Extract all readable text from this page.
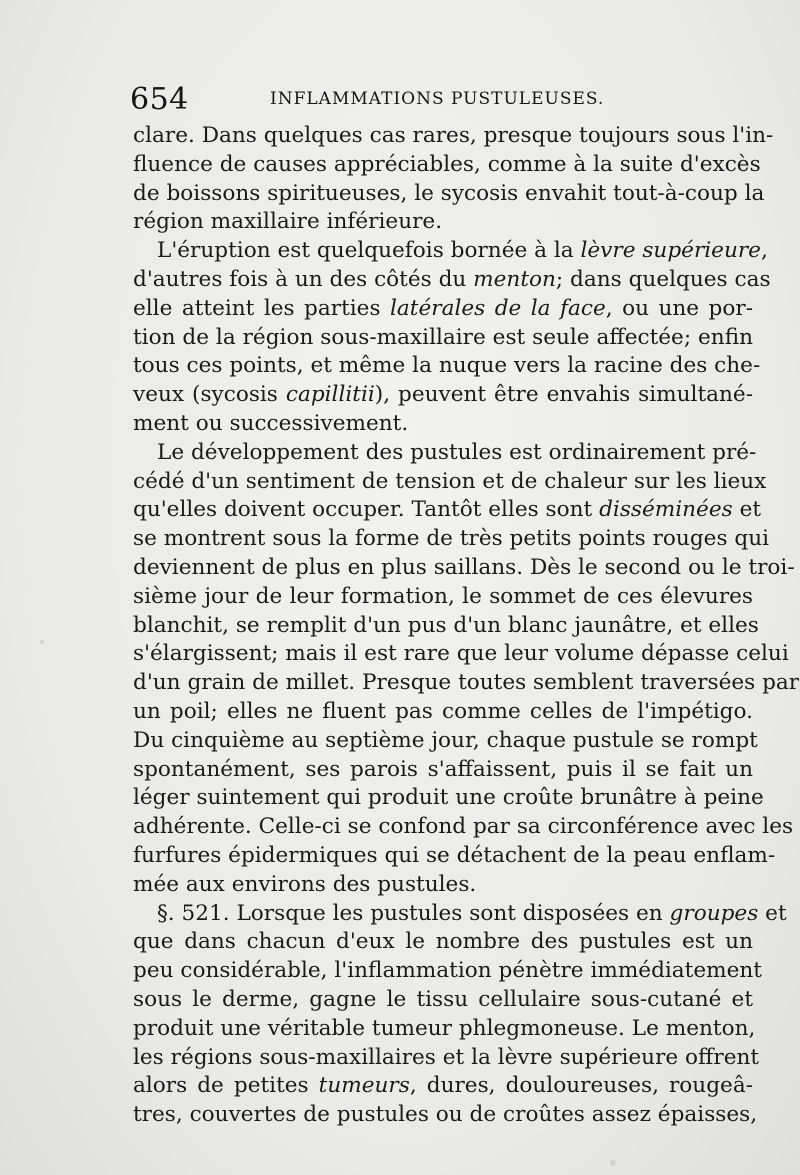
654	INFLAMMATIONS PUSTULEUSES.
clare. Dans quelques cas rares, presque toujours sous l'in-
fluence de causes appréciables, comme à la suite d'excès
de boissons spiritueuses, le sycosis envahit tout-à-coup la
région maxillaire inférieure.
L'éruption est quelquefois bornée à la lèvre supérieure,
d'autres fois à un des côtés du menton; dans quelques cas
elle atteint les parties latérales de la face, ou une por-
tion de la région sous-maxillaire est seule affectée; enfin
tous ces points, et même la nuque vers la racine des che-
veux (sycosis capillitii), peuvent être envahis simultané-
ment ou successivement.
Le développement des pustules est ordinairement pré-
cédé d'un sentiment de tension et de chaleur sur les lieux
qu'elles doivent occuper. Tantôt elles sont disséminées et
se montrent sous la forme de très petits points rouges qui
deviennent de plus en plus saillans. Dès le second ou le troi-
sième jour de leur formation, le sommet de ces élevures
blanchit, se remplit d'un pus d'un blanc jaunâtre, et elles
s'élargissent; mais il est rare que leur volume dépasse celui
d'un grain de millet. Presque toutes semblent traversées par
un poil; elles ne fluent pas comme celles de l'impétigo.
Du cinquième au septième jour, chaque pustule se rompt
spontanément, ses parois s'affaissent, puis il se fait un
léger suintement qui produit une croûte brunâtre à peine
adhérente. Celle-ci se confond par sa circonférence avec les
furfures épidermiques qui se détachent de la peau enflam-
mée aux environs des pustules.
§. 521. Lorsque les pustules sont disposées en groupes et
que dans chacun d'eux le nombre des pustules est un
peu considérable, l'inflammation pénètre immédiatement
sous le derme, gagne le tissu cellulaire sous-cutané et
produit une véritable tumeur phlegmoneuse. Le menton,
les régions sous-maxillaires et la lèvre supérieure offrent
alors de petites tumeurs, dures, douloureuses, rougeâ-
tres, couvertes de pustules ou de croûtes assez épaisses,
